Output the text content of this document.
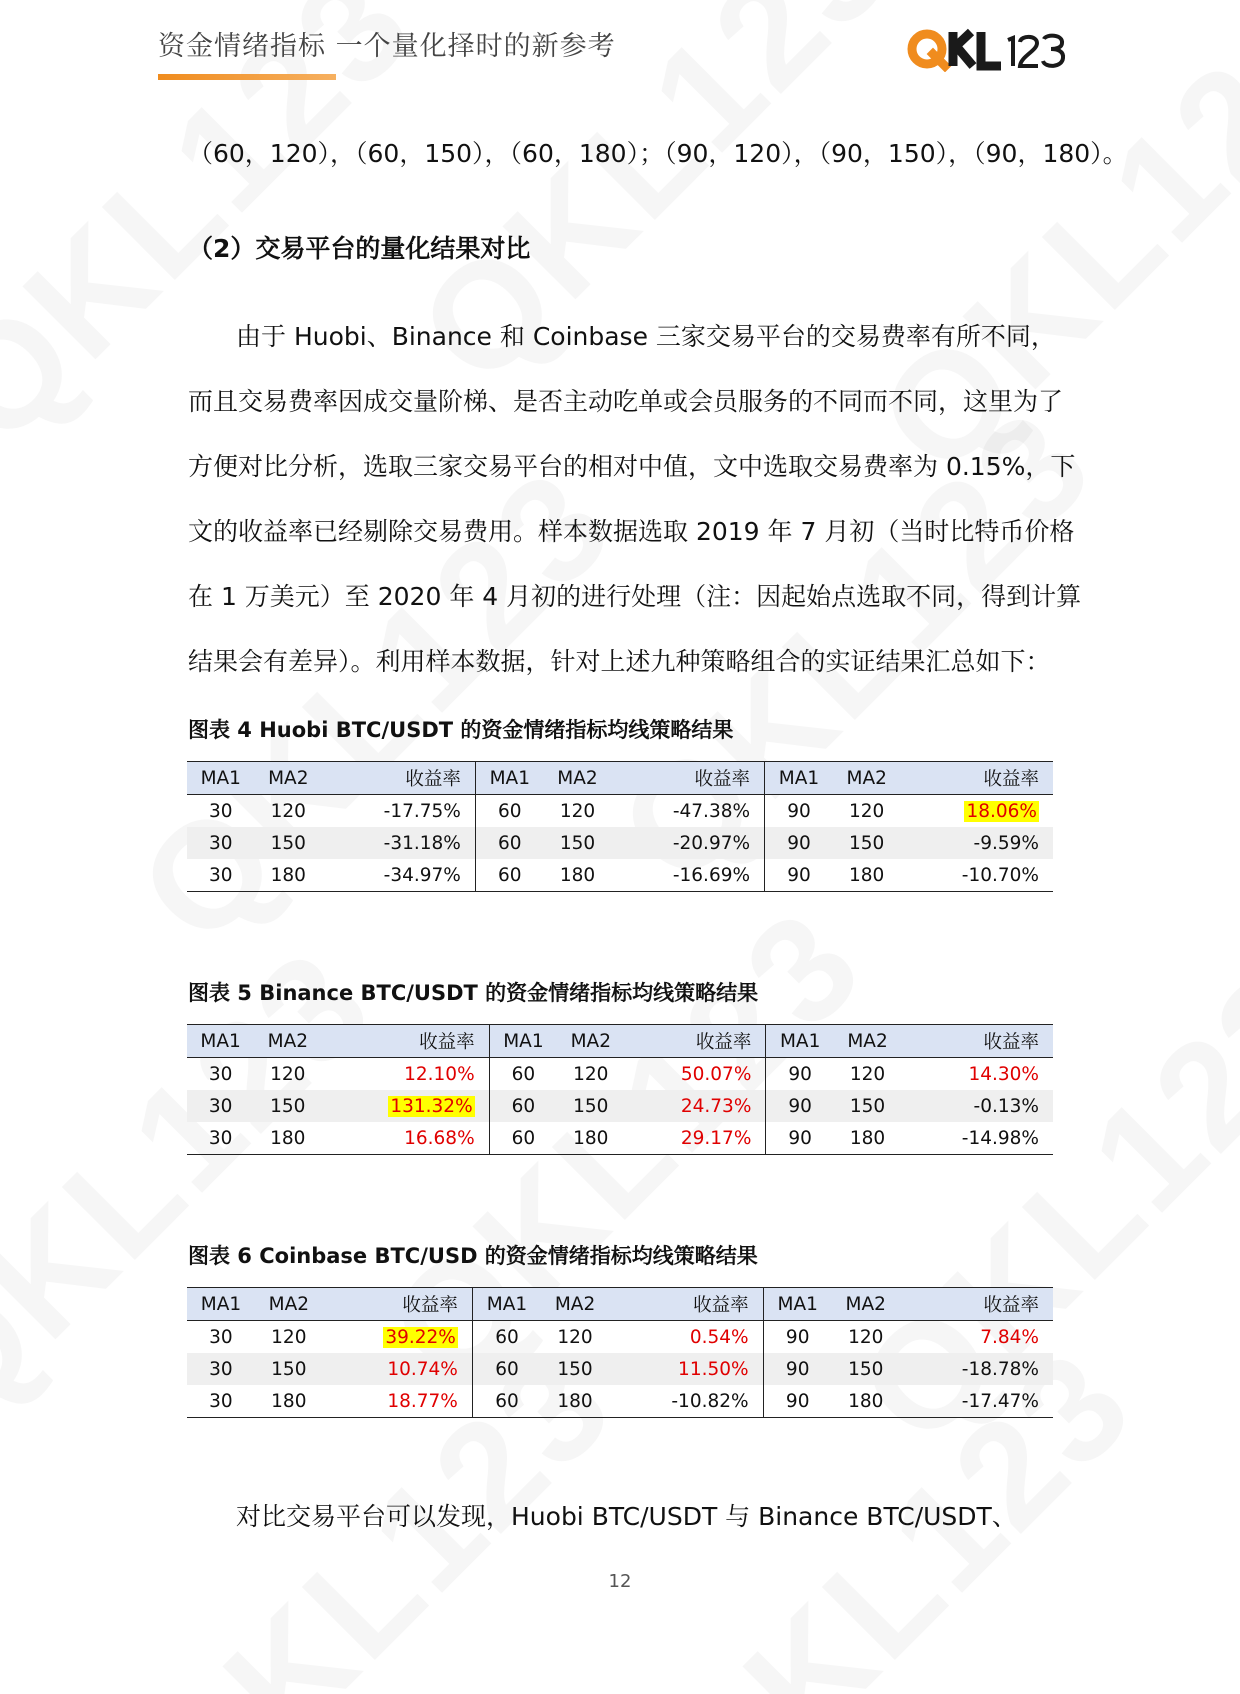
资金情绪指标 一个量化择时的新参考
（60，120），（60，150），（60，180）；（90，120），（90，150），（90，180）。
（2）交易平台的量化结果对比
由于 Huobi、Binance 和 Coinbase 三家交易平台的交易费率有所不同，
而且交易费率因成交量阶梯、是否主动吃单或会员服务的不同而不同，这里为了
方便对比分析，选取三家交易平台的相对中值，文中选取交易费率为 0.15%，下
文的收益率已经剔除交易费用。样本数据选取 2019 年 7 月初（当时比特币价格
在 1 万美元）至 2020 年 4 月初的进行处理（注：因起始点选取不同，得到计算
结果会有差异）。利用样本数据，针对上述九种策略组合的实证结果汇总如下：
图表 4 Huobi BTC/USDT 的资金情绪指标均线策略结果
MA1	MA2	收益率	MA1	MA2	收益率	MA1	MA2	收益率
30	120	-17.75%	60	120	-47.38%	90	120	18.06%
30	150	-31.18%	60	150	-20.97%	90	150	-9.59%
30	180	-34.97%	60	180	-16.69%	90	180	-10.70%
图表 5 Binance BTC/USDT 的资金情绪指标均线策略结果
MA1	MA2	收益率	MA1	MA2	收益率	MA1	MA2	收益率
30	120	12.10%	60	120	50.07%	90	120	14.30%
30	150	131.32%	60	150	24.73%	90	150	-0.13%
30	180	16.68%	60	180	29.17%	90	180	-14.98%
图表 6 Coinbase BTC/USD 的资金情绪指标均线策略结果
MA1	MA2	收益率	MA1	MA2	收益率	MA1	MA2	收益率
30	120	39.22%	60	120	0.54%	90	120	7.84%
30	150	10.74%	60	150	11.50%	90	150	-18.78%
30	180	18.77%	60	180	-10.82%	90	180	-17.47%
对比交易平台可以发现，Huobi BTC/USDT 与 Binance BTC/USDT、
12
